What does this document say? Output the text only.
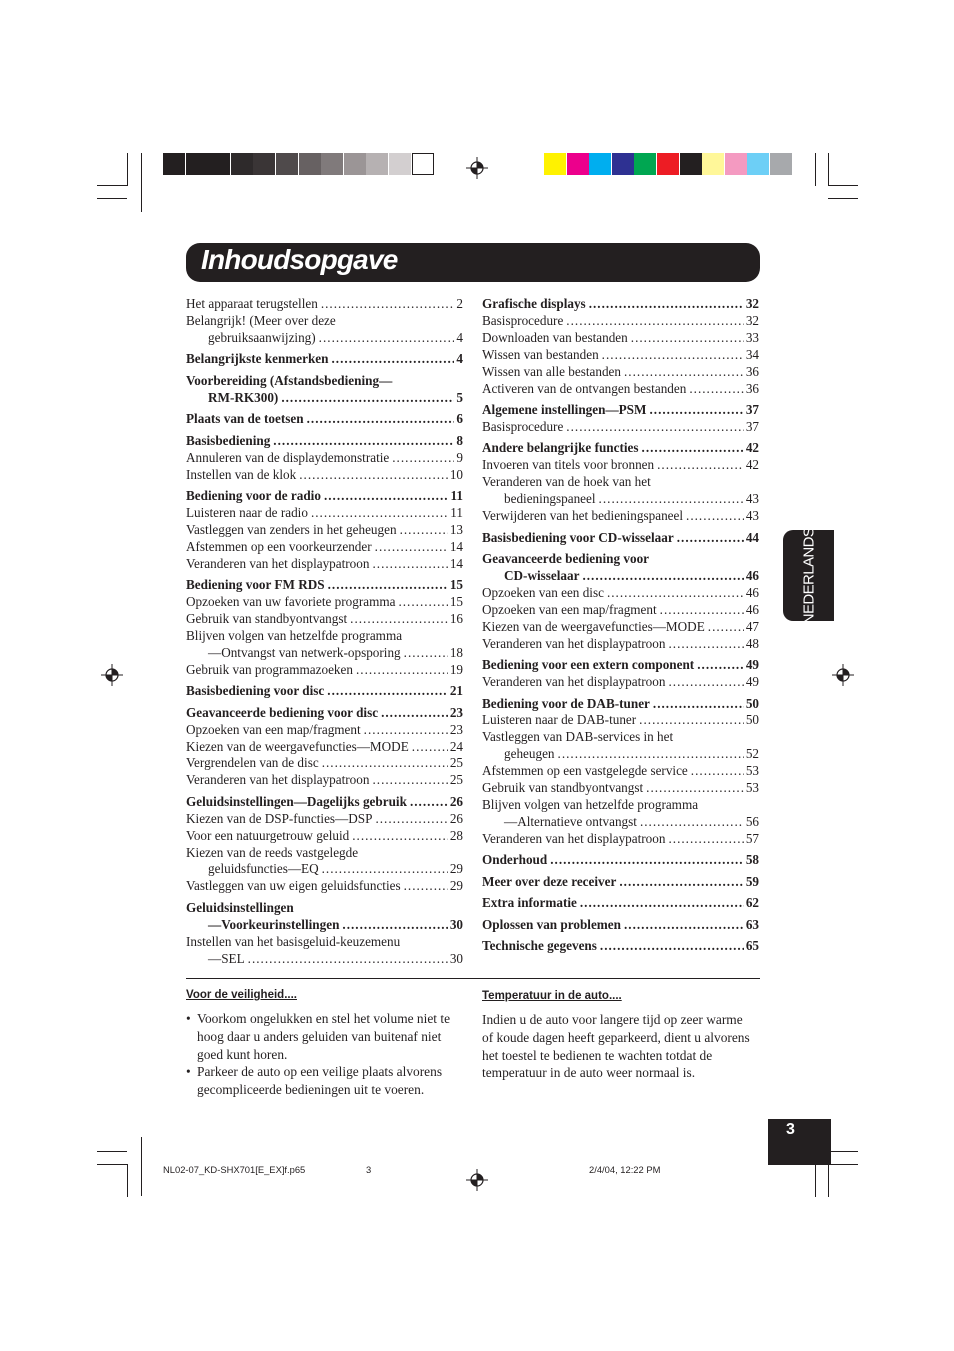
Inhoudsopgave
Het apparaat terugstellen .....	2
Belangrijk! (Meer over deze
gebruiksaanwijzing) .....	4
Belangrijkste kenmerken .....	4
Voorbereiding (Afstandsbediening—
RM-RK300) .....	5
Plaats van de toetsen .....	6
Basisbediening .....	8
Annuleren van de displaydemonstratie .....	9
Instellen van de klok .....	10
Bediening voor de radio .....	11
Luisteren naar de radio .....	11
Vastleggen van zenders in het geheugen .....	13
Afstemmen op een voorkeurzender .....	14
Veranderen van het displaypatroon .....	14
Bediening voor FM RDS .....	15
Opzoeken van uw favoriete programma .....	15
Gebruik van standbyontvangst .....	16
Blijven volgen van hetzelfde programma
—Ontvangst van netwerk-opsporing .....	18
Gebruik van programmazoeken .....	19
Basisbediening voor disc .....	21
Geavanceerde bediening voor disc .....	23
Opzoeken van een map/fragment .....	23
Kiezen van de weergavefuncties—MODE .....	24
Vergrendelen van de disc .....	25
Veranderen van het displaypatroon .....	25
Geluidsinstellingen—Dagelijks gebruik .....	26
Kiezen van de DSP-functies—DSP .....	26
Voor een natuurgetrouw geluid .....	28
Kiezen van de reeds vastgelegde
geluidsfuncties—EQ .....	29
Vastleggen van uw eigen geluidsfuncties .....	29
Geluidsinstellingen
—Voorkeurinstellingen .....	30
Instellen van het basisgeluid-keuzemenu
—SEL .....	30
Grafische displays .....	32
Basisprocedure .....	32
Downloaden van bestanden .....	33
Wissen van bestanden .....	34
Wissen van alle bestanden .....	36
Activeren van de ontvangen bestanden .....	36
Algemene instellingen—PSM .....	37
Basisprocedure .....	37
Andere belangrijke functies .....	42
Invoeren van titels voor bronnen .....	42
Veranderen van de hoek van het
bedieningspaneel .....	43
Verwijderen van het bedieningspaneel .....	43
Basisbediening voor CD-wisselaar .....	44
Geavanceerde bediening voor
CD-wisselaar .....	46
Opzoeken van een disc .....	46
Opzoeken van een map/fragment .....	46
Kiezen van de weergavefuncties—MODE .....	47
Veranderen van het displaypatroon .....	48
Bediening voor een extern component .....	49
Veranderen van het displaypatroon .....	49
Bediening voor de DAB-tuner .....	50
Luisteren naar de DAB-tuner .....	50
Vastleggen van DAB-services in het
geheugen .....	52
Afstemmen op een vastgelegde service .....	53
Gebruik van standbyontvangst .....	53
Blijven volgen van hetzelfde programma
—Alternatieve ontvangst .....	56
Veranderen van het displaypatroon .....	57
Onderhoud .....	58
Meer over deze receiver .....	59
Extra informatie .....	62
Oplossen van problemen .....	63
Technische gegevens .....	65
NEDERLANDS
Voor de veiligheid....
• Voorkom ongelukken en stel het volume niet te hoog daar u anders geluiden van buitenaf niet goed kunt horen.
• Parkeer de auto op een veilige plaats alvorens gecompliceerde bedieningen uit te voeren.
Temperatuur in de auto....
Indien u de auto voor langere tijd op zeer warme of koude dagen heeft geparkeerd, dient u alvorens het toestel te bedienen te wachten totdat de temperatuur in de auto weer normaal is.
3
NL02-07_KD-SHX701[E_EX]f.p65	3	2/4/04, 12:22 PM
